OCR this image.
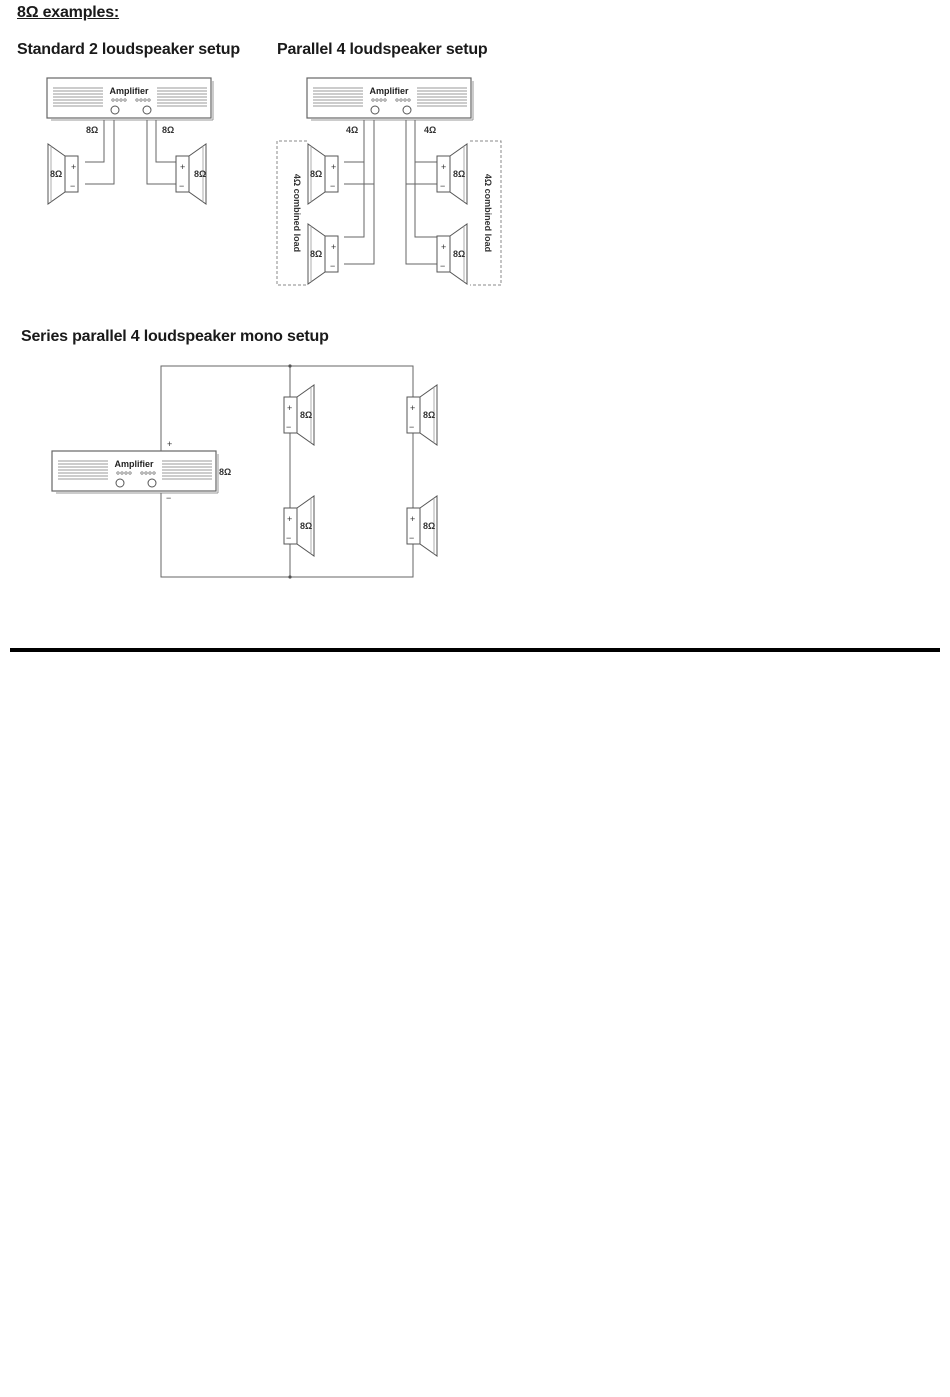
8Ω examples:
Standard 2 loudspeaker setup Parallel 4 loudspeaker setup
Series parallel 4 loudspeaker mono setup
Amplifier
8Ω	8Ω
+
−
8Ω
+
−
8Ω
Amplifier
4Ω	4Ω
4Ω combined load	4Ω combined load
+
−
8Ω
+
−
8Ω
+
−
8Ω
+
−
8Ω
Amplifier
8Ω
+
−
+
−
8Ω
+
−
8Ω
+
−
8Ω
+
−
8Ω
